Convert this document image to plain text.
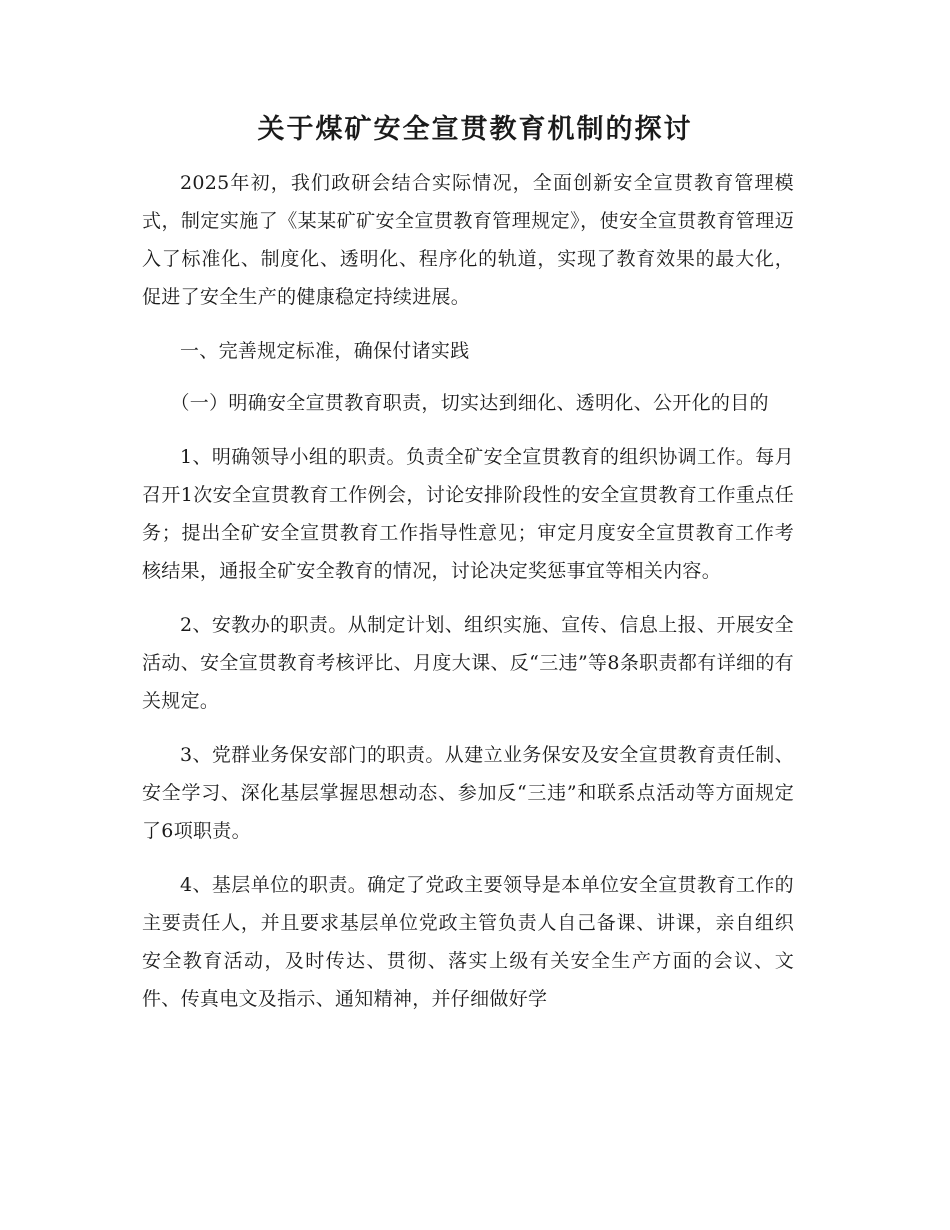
关于煤矿安全宣贯教育机制的探讨

2025年初，我们政研会结合实际情况，全面创新安全宣贯教育管理模式，制定实施了《某某矿矿安全宣贯教育管理规定》，使安全宣贯教育管理迈入了标准化、制度化、透明化、程序化的轨道，实现了教育效果的最大化，促进了安全生产的健康稳定持续进展。

一、完善规定标准，确保付诸实践

（一）明确安全宣贯教育职责，切实达到细化、透明化、公开化的目的

1、明确领导小组的职责。负责全矿安全宣贯教育的组织协调工作。每月召开1次安全宣贯教育工作例会，讨论安排阶段性的安全宣贯教育工作重点任务；提出全矿安全宣贯教育工作指导性意见；审定月度安全宣贯教育工作考核结果，通报全矿安全教育的情况，讨论决定奖惩事宜等相关内容。

2、安教办的职责。从制定计划、组织实施、宣传、信息上报、开展安全活动、安全宣贯教育考核评比、月度大课、反“三违”等8条职责都有详细的有关规定。

3、党群业务保安部门的职责。从建立业务保安及安全宣贯教育责任制、安全学习、深化基层掌握思想动态、参加反“三违”和联系点活动等方面规定了6项职责。

4、基层单位的职责。确定了党政主要领导是本单位安全宣贯教育工作的主要责任人，并且要求基层单位党政主管负责人自己备课、讲课，亲自组织安全教育活动，及时传达、贯彻、落实上级有关安全生产方面的会议、文件、传真电文及指示、通知精神，并仔细做好学
